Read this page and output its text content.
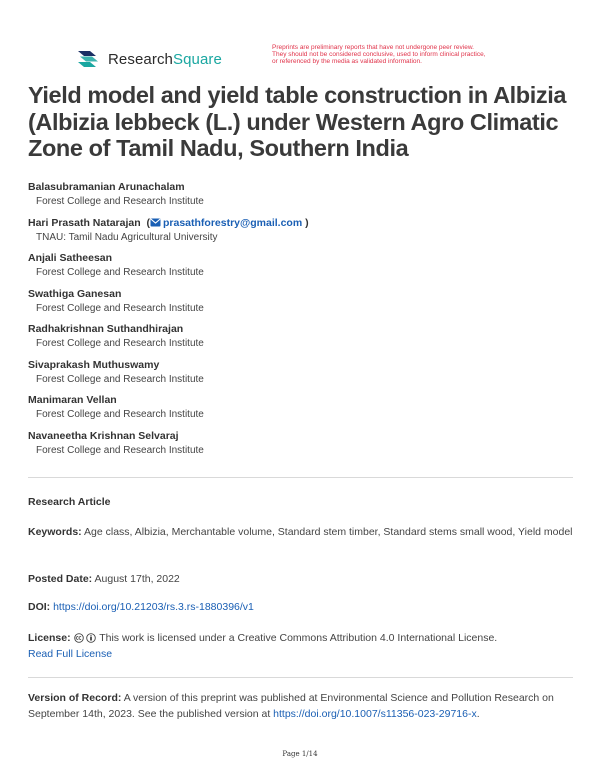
ResearchSquare
Preprints are preliminary reports that have not undergone peer review.
They should not be considered conclusive, used to inform clinical practice,
or referenced by the media as validated information.
Yield model and yield table construction in Albizia (Albizia lebbeck (L.) under Western Agro Climatic Zone of Tamil Nadu, Southern India
Balasubramanian Arunachalam
Forest College and Research Institute
Hari Prasath Natarajan  ( prasathforestry@gmail.com )
TNAU: Tamil Nadu Agricultural University
Anjali Satheesan
Forest College and Research Institute
Swathiga Ganesan
Forest College and Research Institute
Radhakrishnan Suthandhirajan
Forest College and Research Institute
Sivaprakash Muthuswamy
Forest College and Research Institute
Manimaran Vellan
Forest College and Research Institute
Navaneetha Krishnan Selvaraj
Forest College and Research Institute
Research Article
Keywords: Age class, Albizia, Merchantable volume, Standard stem timber, Standard stems small wood, Yield model
Posted Date: August 17th, 2022
DOI: https://doi.org/10.21203/rs.3.rs-1880396/v1
License:	This work is licensed under a Creative Commons Attribution 4.0 International License.
Read Full License
Version of Record: A version of this preprint was published at Environmental Science and Pollution Research on September 14th, 2023. See the published version at https://doi.org/10.1007/s11356-023-29716-x.
Page 1/14
